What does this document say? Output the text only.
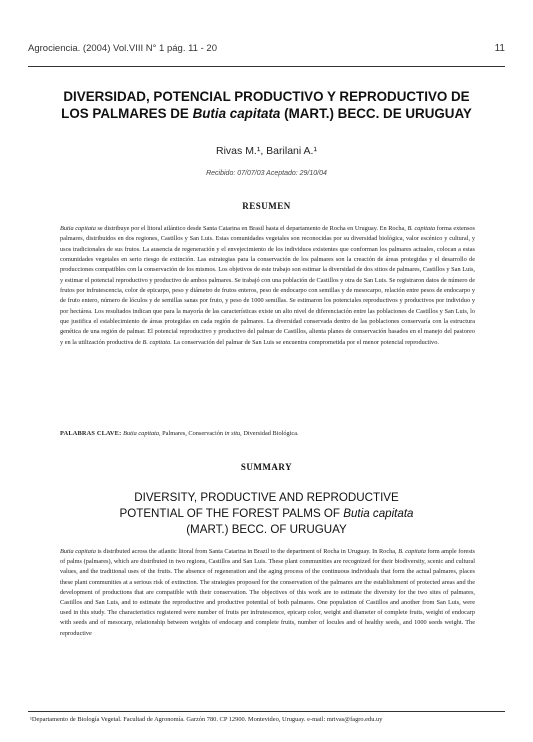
Agrociencia. (2004) Vol.VIII N° 1 pág. 11 - 20	11
DIVERSIDAD, POTENCIAL PRODUCTIVO Y REPRODUCTIVO DE
LOS PALMARES DE Butia capitata (MART.) BECC. DE URUGUAY
Rivas M.¹, Barilani A.¹
Recibido: 07/07/03 Aceptado: 29/10/04
RESUMEN
Butia capitata se distribuye por el litoral atlántico desde Santa Catarina en Brasil hasta el departamento de Rocha en Uruguay. En Rocha, B. capitata forma extensos palmares, distribuidos en dos regiones, Castillos y San Luis. Estas comunidades vegetales son reconocidas por su diversidad biológica, valor escénico y cultural, y usos tradicionales de sus frutos. La ausencia de regeneración y el envejecimiento de los individuos existentes que conforman los palmares actuales, colocan a estas comunidades vegetales en serio riesgo de extinción. Las estrategias para la conservación de los palmares son la creación de áreas protegidas y el desarrollo de producciones compatibles con la conservación de los mismos. Los objetivos de este trabajo son estimar la diversidad de dos sitios de palmares, Castillos y San Luis, y estimar el potencial reproductivo y productivo de ambos palmares. Se trabajó con una población de Castillos y otra de San Luis. Se registraron datos de número de frutos por infrutescencia, color de epicarpo, peso y diámetro de frutos enteros, peso de endocarpo con semillas y de mesocarpo, relación entre pesos de endocarpo y de fruto entero, número de lóculos y de semillas sanas por fruto, y peso de 1000 semillas. Se estimaron los potenciales reproductivos y productivos por individuo y por hectárea. Los resultados indican que para la mayoría de las características existe un alto nivel de diferenciación entre las poblaciones de Castillos y San Luis, lo que justifica el establecimiento de áreas protegidas en cada región de palmares. La diversidad conservada dentro de las poblaciones conservaría con la estructura genética de una región de palmar. El potencial reproductivo y productivo del palmar de Castillos, alienta planes de conservación basados en el manejo del pastoreo y en la utilización productiva de B. capitata. La conservación del palmar de San Luis se encuentra comprometida por el menor potencial reproductivo.
PALABRAS CLAVE: Butia capitata, Palmares, Conservación in situ, Diversidad Biológica.
SUMMARY
DIVERSITY, PRODUCTIVE AND REPRODUCTIVE
POTENTIAL OF THE FOREST PALMS OF Butia capitata
(MART.) BECC. OF URUGUAY
Butia capitata is distributed across the atlantic litoral from Santa Catarina in Brazil to the department of Rocha in Uruguay. In Rocha, B. capitata form ample forests of palms (palmares), which are distributed in two regions, Castillos and San Luis. These plant communities are recognized for their biodiversity, scenic and cultural values, and the traditional uses of the fruits. The absence of regeneration and the aging process of the continuous individuals that form the actual palmares, places these plant communities at a serious risk of extinction. The strategies proposed for the conservation of the palmares are the establishment of protected areas and the development of productions that are compatible with their conservation. The objectives of this work are to estimate the diversity for the two sites of palmares, Castillos and San Luis, and to estimate the reproductive and productive potential of both palmares. One population of Castillos and another from San Luis, were used in this study. The characteristics registered were number of fruits per infrutescence, epicarp color, weight and diameter of complete fruits, weight of endocarp with seeds and of mesocarp, relationship between weights of endocarp and complete fruits, number of locules and of healthy seeds, and 1000 seeds weight. The reproductive
¹Departamento de Biología Vegetal. Facultad de Agronomía. Garzón 780. CP 12900. Montevideo, Uruguay. e-mail: mrivas@fagro.edu.uy
